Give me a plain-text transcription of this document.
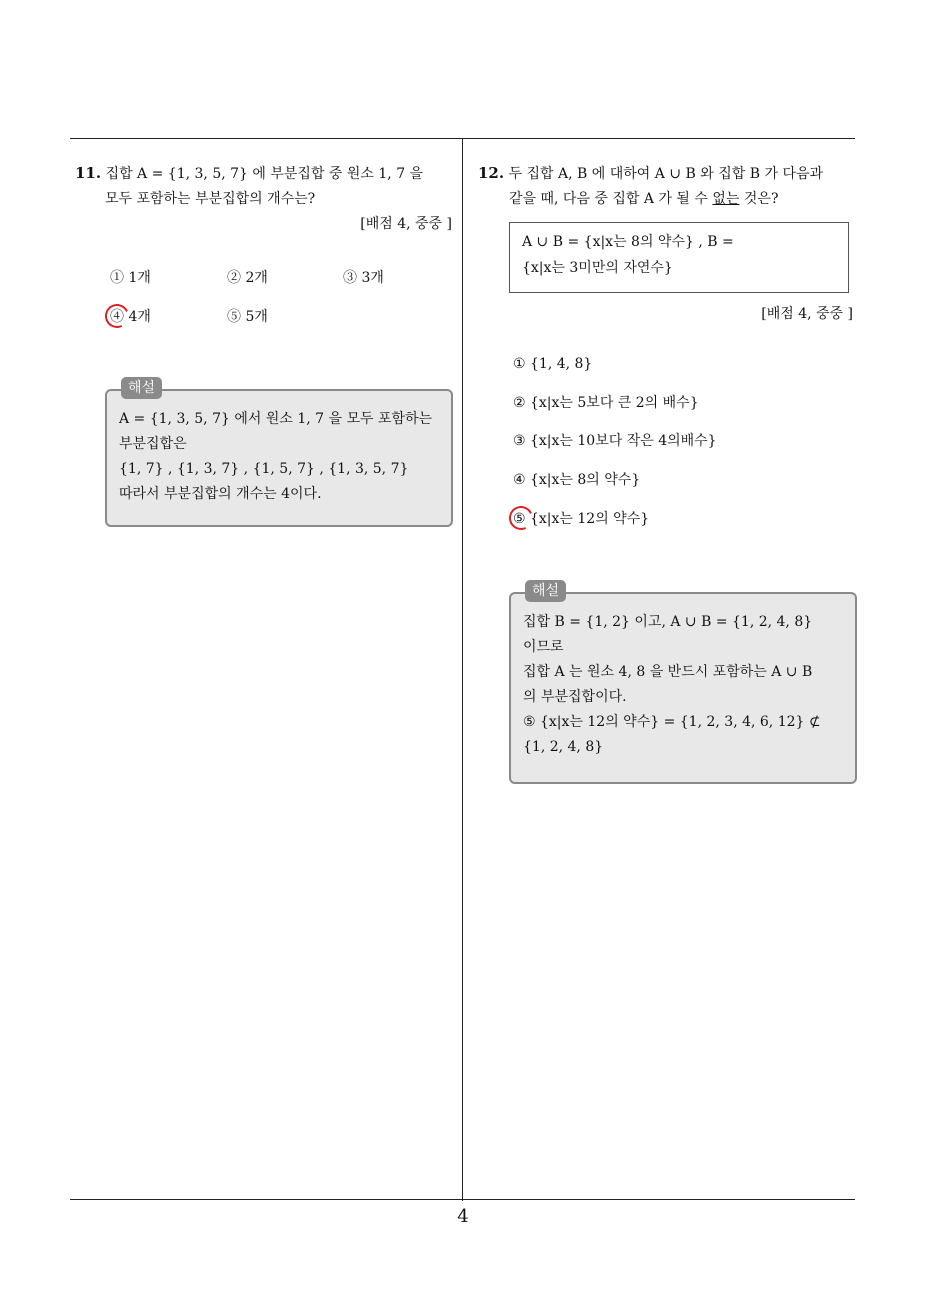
11. 집합 A = {1, 3, 5, 7} 에 부분집합 중 원소 1, 7 을
모두 포함하는 부분집합의 개수는?
[배점 4, 중중 ]
① 1개	② 2개	③ 3개
④ 4개	⑤ 5개
해설
A = {1, 3, 5, 7} 에서 원소 1, 7 을 모두 포함하는
부분집합은
{1, 7} , {1, 3, 7} , {1, 5, 7} , {1, 3, 5, 7}
따라서 부분집합의 개수는 4이다.
12. 두 집합 A, B 에 대하여 A ∪ B 와 집합 B 가 다음과
같을 때, 다음 중 집합 A 가 될 수 없는 것은?
A ∪ B = {x|x는 8의 약수} , B =
{x|x는 3미만의 자연수}
[배점 4, 중중 ]
① {1, 4, 8}
② {x|x는 5보다 큰 2의 배수}
③ {x|x는 10보다 작은 4의배수}
④ {x|x는 8의 약수}
⑤ {x|x는 12의 약수}
해설
집합 B = {1, 2} 이고, A ∪ B = {1, 2, 4, 8}
이므로
집합 A 는 원소 4, 8 을 반드시 포함하는 A ∪ B
의 부분집합이다.
⑤ {x|x는 12의 약수} = {1, 2, 3, 4, 6, 12} ⊄
{1, 2, 4, 8}
4
